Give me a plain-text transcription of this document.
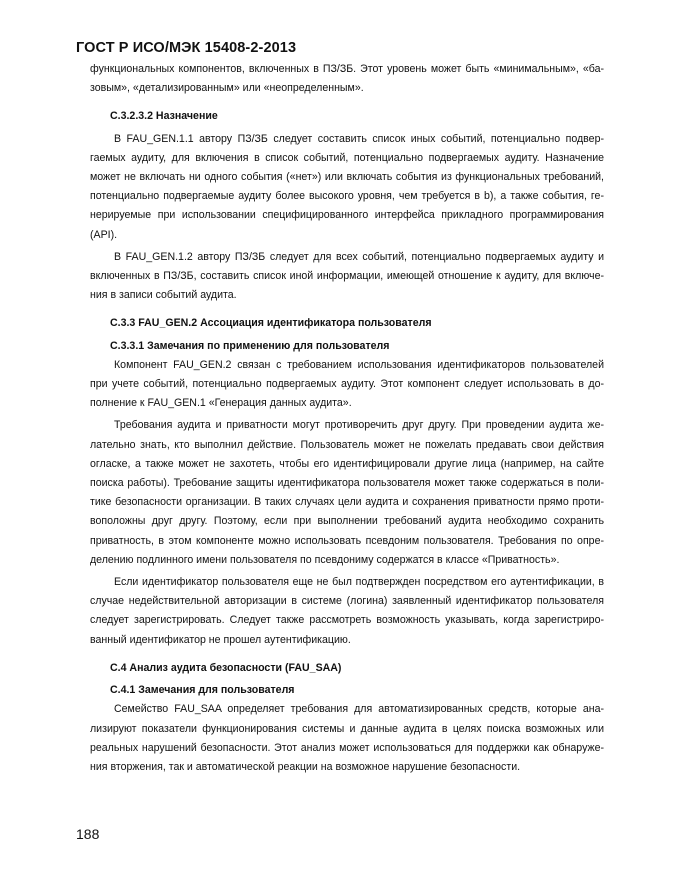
ГОСТ Р ИСО/МЭК 15408-2-2013

функциональных компонентов, включенных в ПЗ/ЗБ. Этот уровень может быть «минимальным», «базовым», «детализированным» или «неопределенным».

C.3.2.3.2 Назначение

В FAU_GEN.1.1 автору ПЗ/ЗБ следует составить список иных событий, потенциально подвергаемых аудиту, для включения в список событий, потенциально подвергаемых аудиту. Назначение может не включать ни одного события («нет») или включать события из функциональных требований, потенциально подвергаемые аудиту более высокого уровня, чем требуется в b), а также события, генерируемые при использовании специфицированного интерфейса прикладного программирования (API).

В FAU_GEN.1.2 автору ПЗ/ЗБ следует для всех событий, потенциально подвергаемых аудиту и включенных в ПЗ/ЗБ, составить список иной информации, имеющей отношение к аудиту, для включения в записи событий аудита.

C.3.3 FAU_GEN.2 Ассоциация идентификатора пользователя
C.3.3.1 Замечания по применению для пользователя

Компонент FAU_GEN.2 связан с требованием использования идентификаторов пользователей при учете событий, потенциально подвергаемых аудиту. Этот компонент следует использовать в дополнение к FAU_GEN.1 «Генерация данных аудита».

Требования аудита и приватности могут противоречить друг другу. При проведении аудита желательно знать, кто выполнил действие. Пользователь может не пожелать предавать свои действия огласке, а также может не захотеть, чтобы его идентифицировали другие лица (например, на сайте поиска работы). Требование защиты идентификатора пользователя может также содержаться в политике безопасности организации. В таких случаях цели аудита и сохранения приватности прямо противоположны друг другу. Поэтому, если при выполнении требований аудита необходимо сохранить приватность, в этом компоненте можно использовать псевдоним пользователя. Требования по определению подлинного имени пользователя по псевдониму содержатся в классе «Приватность».

Если идентификатор пользователя еще не был подтвержден посредством его аутентификации, в случае недействительной авторизации в системе (логина) заявленный идентификатор пользователя следует зарегистрировать. Следует также рассмотреть возможность указывать, когда зарегистрированный идентификатор не прошел аутентификацию.

C.4 Анализ аудита безопасности (FAU_SAA)
C.4.1 Замечания для пользователя

Семейство FAU_SAA определяет требования для автоматизированных средств, которые анализируют показатели функционирования системы и данные аудита в целях поиска возможных или реальных нарушений безопасности. Этот анализ может использоваться для поддержки как обнаружения вторжения, так и автоматической реакции на возможное нарушение безопасности.

188
